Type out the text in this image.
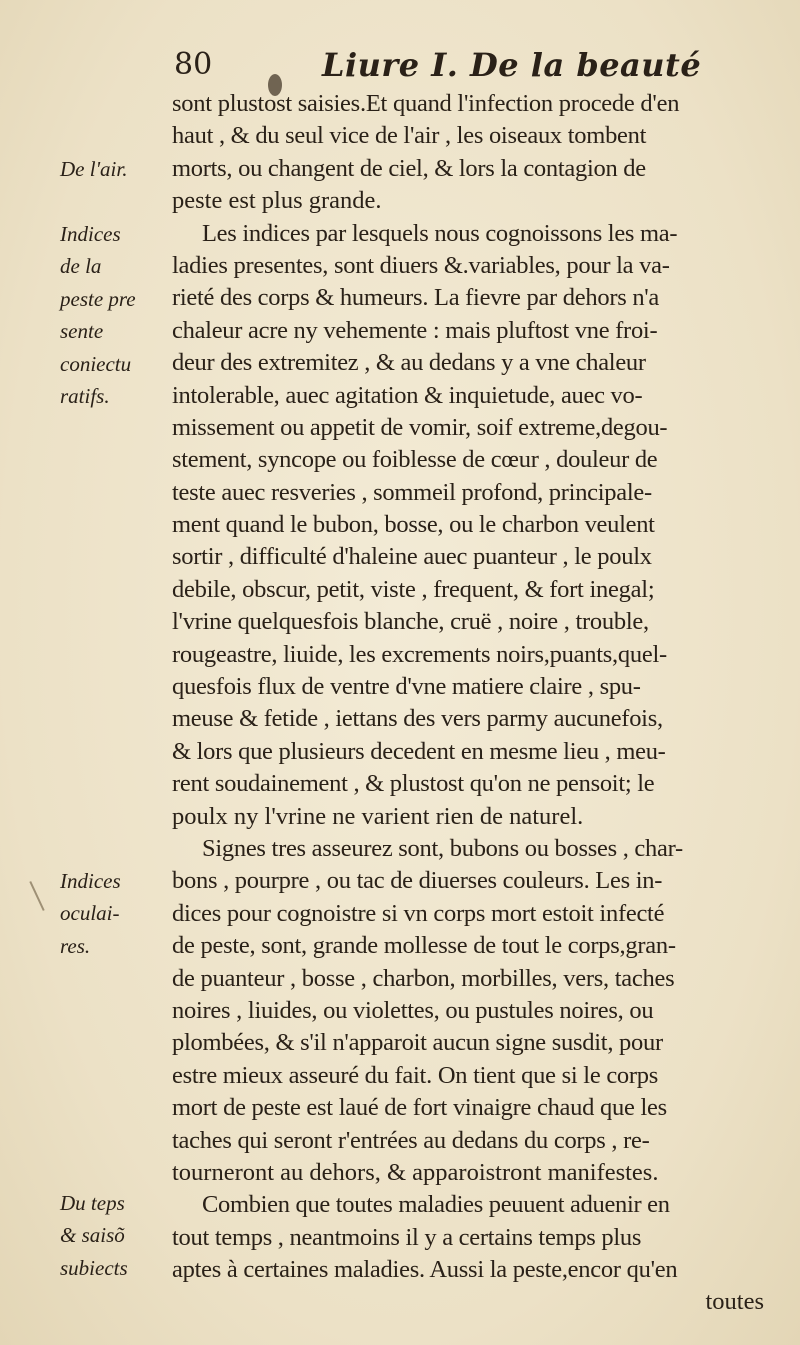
80	Liure I. De la beauté
De l'air.
Indices
de la
peste pre
sente
coniectu
ratifs.
Indices
oculai-
res.
Du teps
& saisõ
subiects
sont plustost saisies.Et quand l'infection procede d'en
haut , & du seul vice de l'air , les oiseaux tombent
morts, ou changent de ciel, & lors la contagion de
peste est plus grande.
Les indices par lesquels nous cognoissons les ma-
ladies presentes, sont diuers &.variables, pour la va-
rieté des corps & humeurs. La fievre par dehors n'a
chaleur acre ny vehemente : mais pluftost vne froi-
deur des extremitez , & au dedans y a vne chaleur
intolerable, auec agitation & inquietude, auec vo-
missement ou appetit de vomir, soif extreme,degou-
stement, syncope ou foiblesse de cœur , douleur de
teste auec resveries , sommeil profond, principale-
ment quand le bubon, bosse, ou le charbon veulent
sortir , difficulté d'haleine auec puanteur , le poulx
debile, obscur, petit, viste , frequent, & fort inegal;
l'vrine quelquesfois blanche, cruë , noire , trouble,
rougeastre, liuide, les excrements noirs,puants,quel-
quesfois flux de ventre d'vne matiere claire , spu-
meuse & fetide , iettans des vers parmy aucunefois,
& lors que plusieurs decedent en mesme lieu , meu-
rent soudainement , & plustost qu'on ne pensoit; le
poulx ny l'vrine ne varient rien de naturel.
Signes tres asseurez sont, bubons ou bosses , char-
bons , pourpre , ou tac de diuerses couleurs. Les in-
dices pour cognoistre si vn corps mort estoit infecté
de peste, sont, grande mollesse de tout le corps,gran-
de puanteur , bosse , charbon, morbilles, vers, taches
noires , liuides, ou violettes, ou pustules noires, ou
plombées, & s'il n'apparoit aucun signe susdit, pour
estre mieux asseuré du fait. On tient que si le corps
mort de peste est laué de fort vinaigre chaud que les
taches qui seront r'entrées au dedans du corps , re-
tourneront au dehors, & apparoistront manifestes.
Combien que toutes maladies peuuent aduenir en
tout temps , neantmoins il y a certains temps plus
aptes à certaines maladies. Aussi la peste,encor qu'en
toutes
